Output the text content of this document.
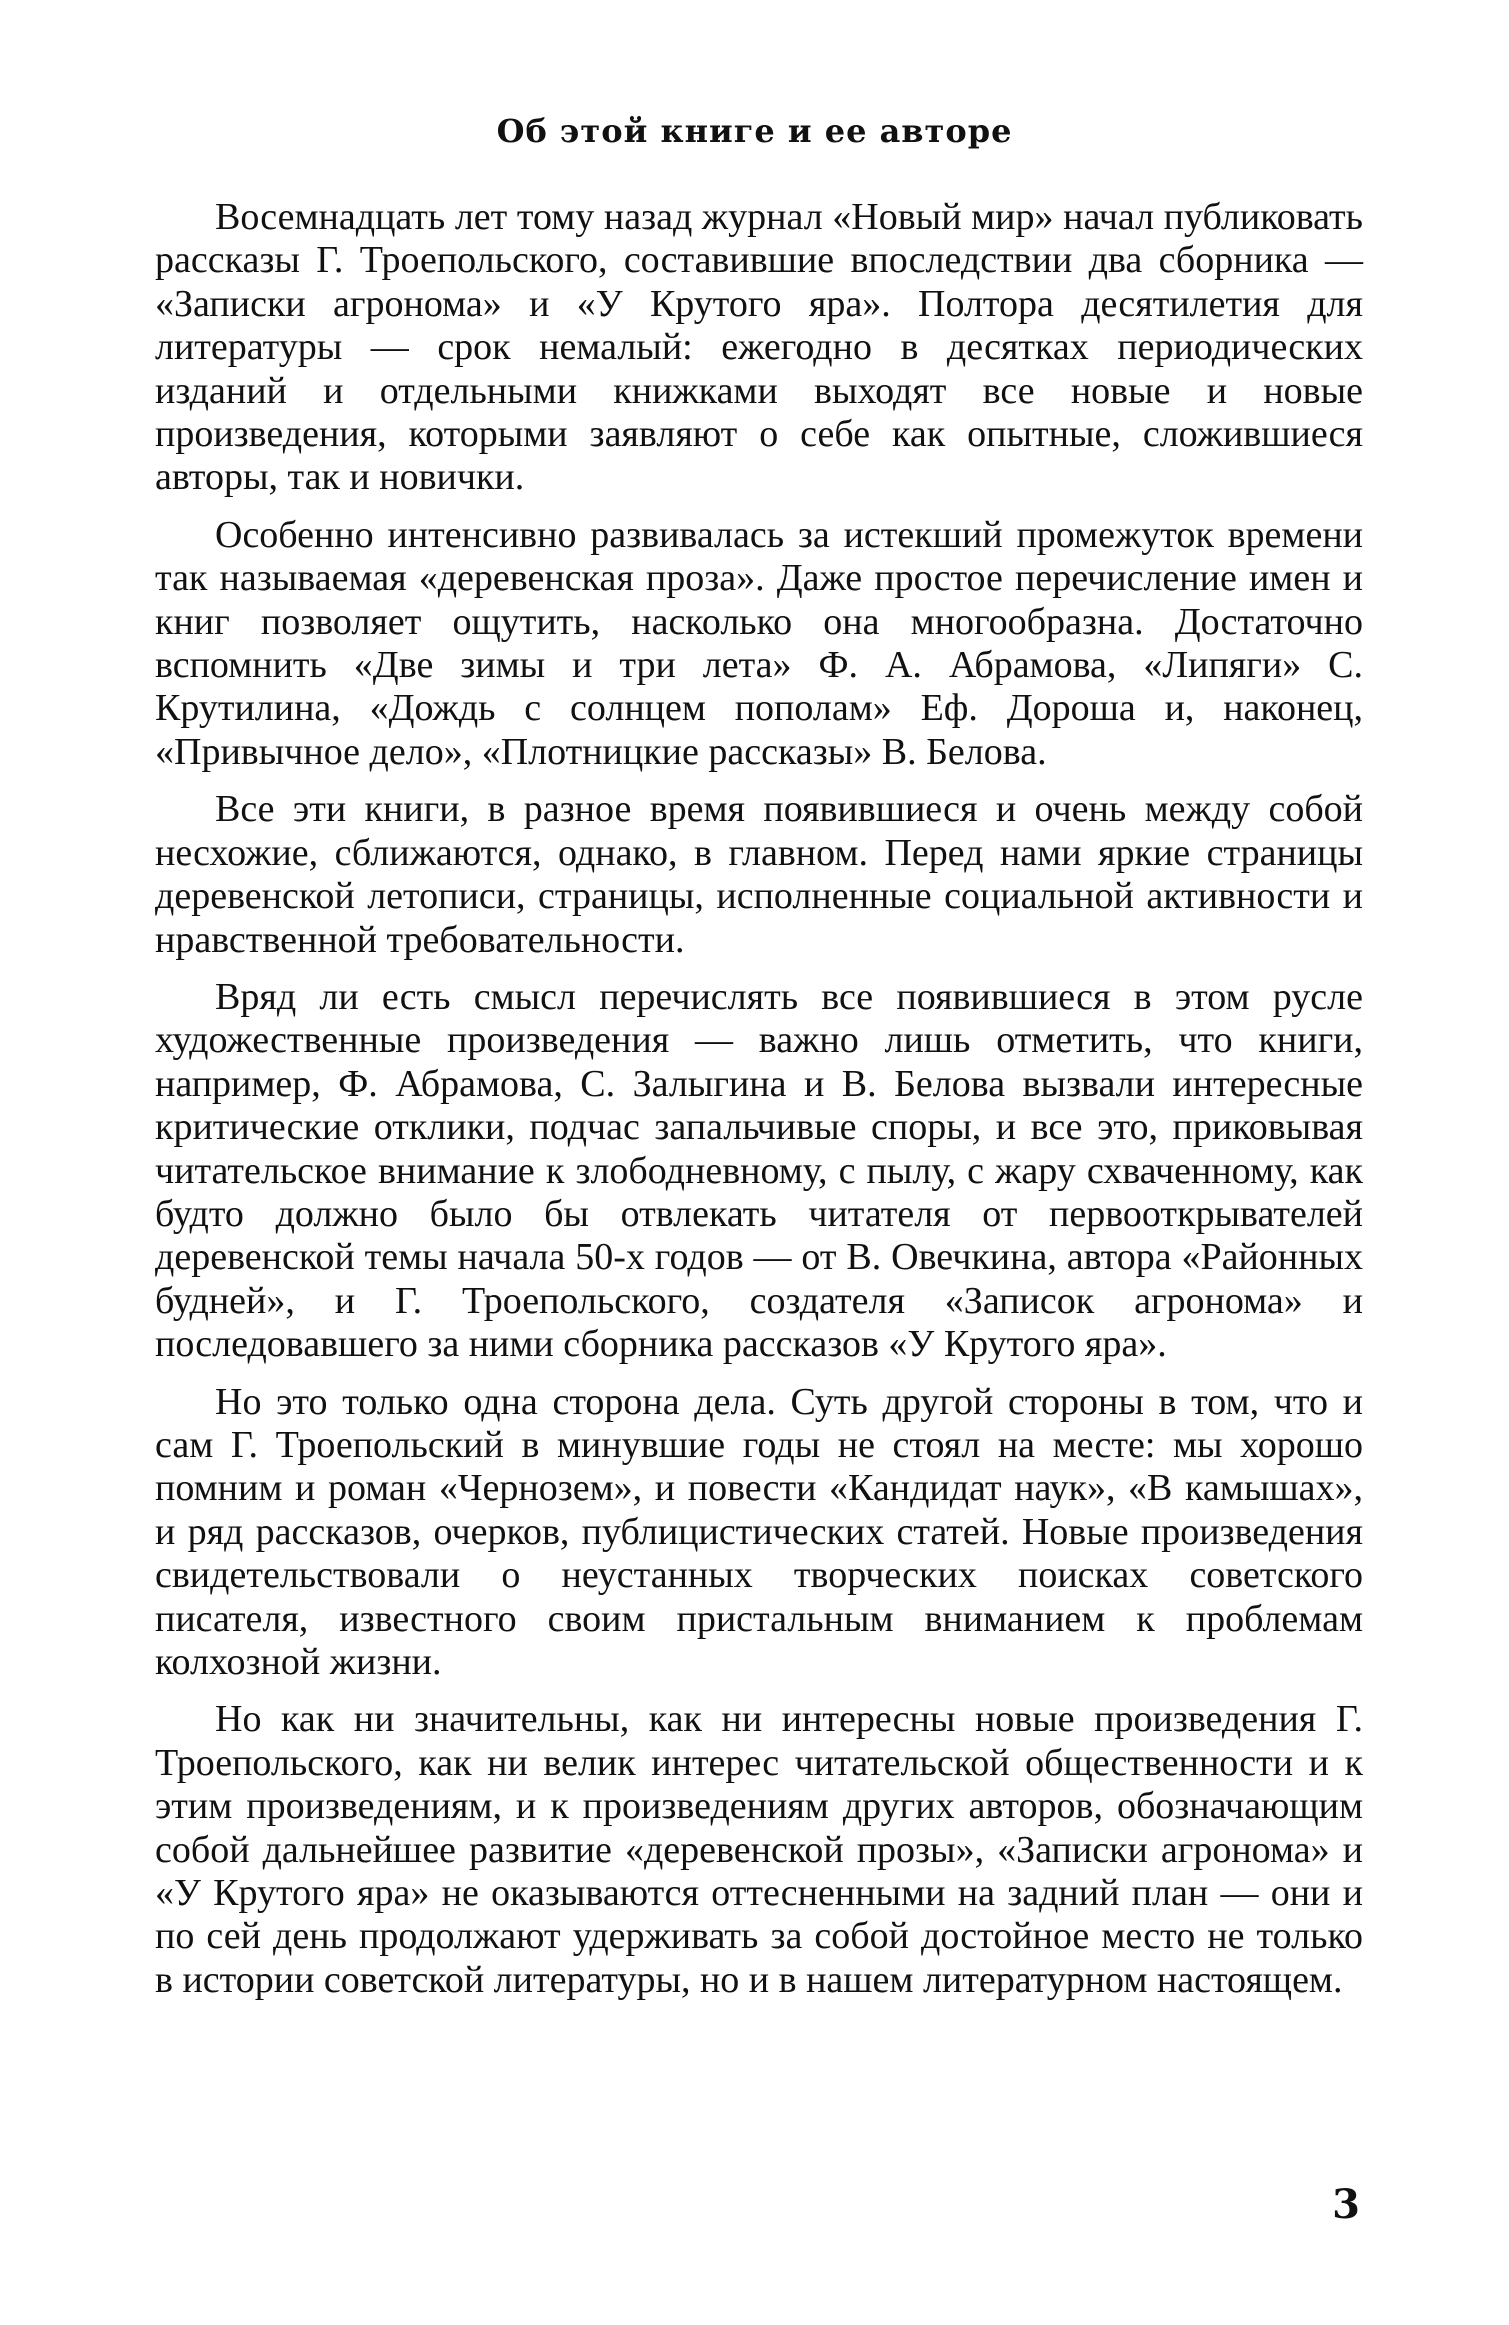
Об этой книге и ее авторе

Восемнадцать лет тому назад журнал «Новый мир» начал публиковать рассказы Г. Троепольского, составившие впоследствии два сборника — «Записки агронома» и «У Крутого яра». Полтора десятилетия для литературы — срок немалый: ежегодно в десятках периодических изданий и отдельными книжками выходят все новые и новые произведения, которыми заявляют о себе как опытные, сложившиеся авторы, так и новички.

Особенно интенсивно развивалась за истекший промежуток времени так называемая «деревенская проза». Даже простое перечисление имен и книг позволяет ощутить, насколько она многообразна. Достаточно вспомнить «Две зимы и три лета» Ф. А. Абрамова, «Липяги» С. Крутилина, «Дождь с солнцем пополам» Еф. Дороша и, наконец, «Привычное дело», «Плотницкие рассказы» В. Белова.

Все эти книги, в разное время появившиеся и очень между собой несхожие, сближаются, однако, в главном. Перед нами яркие страницы деревенской летописи, страницы, исполненные социальной активности и нравственной требовательности.

Вряд ли есть смысл перечислять все появившиеся в этом русле художественные произведения — важно лишь отметить, что книги, например, Ф. Абрамова, С. Залыгина и В. Белова вызвали интересные критические отклики, подчас запальчивые споры, и все это, приковывая читательское внимание к злободневному, с пылу, с жару схваченному, как будто должно было бы отвлекать читателя от первооткрывателей деревенской темы начала 50-х годов — от В. Овечкина, автора «Районных будней», и Г. Троепольского, создателя «Записок агронома» и последовавшего за ними сборника рассказов «У Крутого яра».

Но это только одна сторона дела. Суть другой стороны в том, что и сам Г. Троепольский в минувшие годы не стоял на месте: мы хорошо помним и роман «Чернозем», и повести «Кандидат наук», «В камышах», и ряд рассказов, очерков, публицистических статей. Новые произведения свидетельствовали о неустанных творческих поисках советского писателя, известного своим пристальным вниманием к проблемам колхозной жизни.

Но как ни значительны, как ни интересны новые произведения Г. Троепольского, как ни велик интерес читательской общественности и к этим произведениям, и к произведениям других авторов, обозначающим собой дальнейшее развитие «деревенской прозы», «Записки агронома» и «У Крутого яра» не оказываются оттесненными на задний план — они и по сей день продолжают удерживать за собой достойное место не только в истории советской литературы, но и в нашем литературном настоящем.

3
